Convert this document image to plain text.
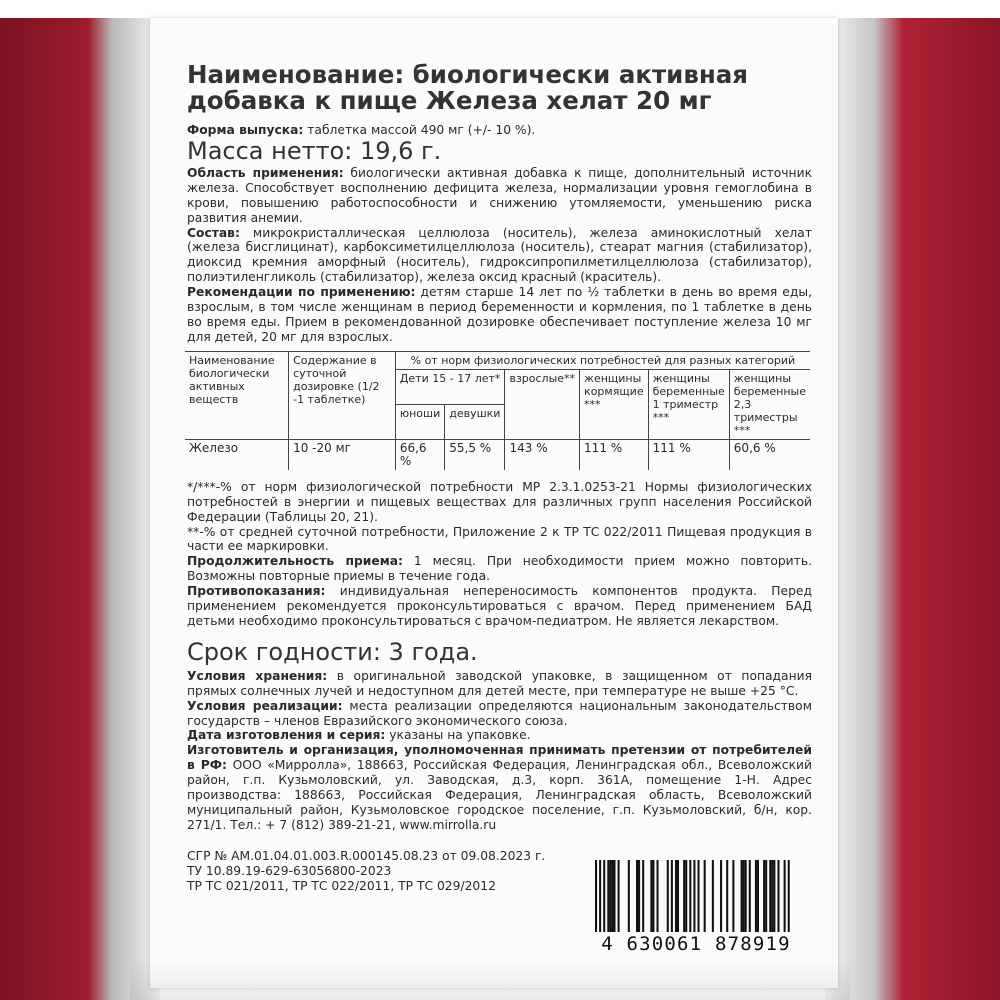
Наименование: биологически активная добавка к пище Железа хелат 20 мг

Форма выпуска: таблетка массой 490 мг (+/- 10 %).

Масса нетто: 19,6 г.

Область применения: биологически активная добавка к пище, дополнительный источник железа. Способствует восполнению дефицита железа, нормализации уровня гемоглобина в крови, повышению работоспособности и снижению утомляемости, уменьшению риска развития анемии.

Состав: микрокристаллическая целлюлоза (носитель), железа аминокислотный хелат (железа бисглицинат), карбоксиметилцеллюлоза (носитель), стеарат магния (стабилизатор), диоксид кремния аморфный (носитель), гидроксипропилметилцеллюлоза (стабилизатор), полиэтиленгликоль (стабилизатор), железа оксид красный (краситель).

Рекомендации по применению: детям старше 14 лет по ½ таблетки в день во время еды, взрослым, в том числе женщинам в период беременности и кормления, по 1 таблетке в день во время еды. Прием в рекомендованной дозировке обеспечивает поступление железа 10 мг для детей, 20 мг для взрослых.

Наименование биологически активных веществ	Содержание в суточной дозировке (1/2 -1 таблетке)	% от норм физиологических потребностей для разных категорий					
		Дети 15 - 17 лет*		взрослые**	женщины кормящие ***	женщины беременные 1 триместр ***	женщины беременные 2,3 триместры ***
		юноши	девушки				
Железо	10 -20 мг	66,6 %	55,5 %	143 %	111 %	111 %	60,6 %

*/***-% от норм физиологической потребности МР 2.3.1.0253-21 Нормы физиологических потребностей в энергии и пищевых веществах для различных групп населения Российской Федерации (Таблицы 20, 21).

**-% от средней суточной потребности, Приложение 2 к ТР ТС 022/2011 Пищевая продукция в части ее маркировки.

Продолжительность приема: 1 месяц. При необходимости прием можно повторить. Возможны повторные приемы в течение года.

Противопоказания: индивидуальная непереносимость компонентов продукта. Перед применением рекомендуется проконсультироваться с врачом. Перед применением БАД детьми необходимо проконсультироваться с врачом-педиатром. Не является лекарством.

Срок годности: 3 года.

Условия хранения: в оригинальной заводской упаковке, в защищенном от попадания прямых солнечных лучей и недоступном для детей месте, при температуре не выше +25 °С.

Условия реализации: места реализации определяются национальным законодательством государств – членов Евразийского экономического союза.

Дата изготовления и серия: указаны на упаковке.

Изготовитель и организация, уполномоченная принимать претензии от потребителей в РФ: ООО «Мирролла», 188663, Российская Федерация, Ленинградская обл., Всеволожский район, г.п. Кузьмоловский, ул. Заводская, д.3, корп. 361А, помещение 1-Н. Адрес производства: 188663, Российская Федерация, Ленинградская область, Всеволожский муниципальный район, Кузьмоловское городское поселение, г.п. Кузьмоловский, б/н, кор. 271/1. Тел.: + 7 (812) 389-21-21, www.mirrolla.ru

СГР № AM.01.04.01.003.R.000145.08.23 от 09.08.2023 г.
ТУ 10.89.19-629-63056800-2023
ТР ТС 021/2011, ТР ТС 022/2011, ТР ТС 029/2012
4 630061 878919
